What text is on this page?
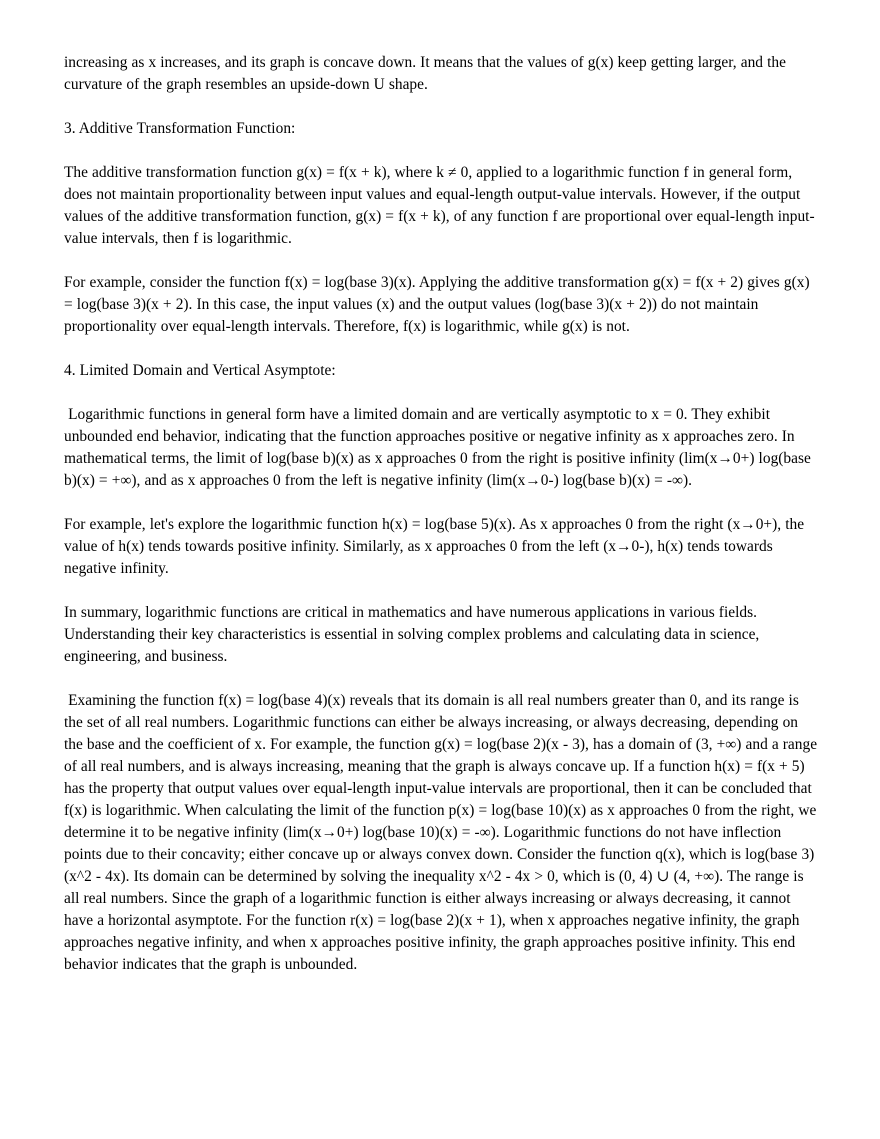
increasing as x increases, and its graph is concave down. It means that the values of g(x) keep getting larger, and the curvature of the graph resembles an upside-down U shape.

3. Additive Transformation Function:

The additive transformation function g(x) = f(x + k), where k ≠ 0, applied to a logarithmic function f in general form, does not maintain proportionality between input values and equal-length output-value intervals. However, if the output values of the additive transformation function, g(x) = f(x + k), of any function f are proportional over equal-length input-value intervals, then f is logarithmic.

For example, consider the function f(x) = log(base 3)(x). Applying the additive transformation g(x) = f(x + 2) gives g(x) = log(base 3)(x + 2). In this case, the input values (x) and the output values (log(base 3)(x + 2)) do not maintain proportionality over equal-length intervals. Therefore, f(x) is logarithmic, while g(x) is not.

4. Limited Domain and Vertical Asymptote:

Logarithmic functions in general form have a limited domain and are vertically asymptotic to x = 0. They exhibit unbounded end behavior, indicating that the function approaches positive or negative infinity as x approaches zero. In mathematical terms, the limit of log(base b)(x) as x approaches 0 from the right is positive infinity (lim(x→0+) log(base b)(x) = +∞), and as x approaches 0 from the left is negative infinity (lim(x→0-) log(base b)(x) = -∞).

For example, let's explore the logarithmic function h(x) = log(base 5)(x). As x approaches 0 from the right (x→0+), the value of h(x) tends towards positive infinity. Similarly, as x approaches 0 from the left (x→0-), h(x) tends towards negative infinity.

In summary, logarithmic functions are critical in mathematics and have numerous applications in various fields. Understanding their key characteristics is essential in solving complex problems and calculating data in science, engineering, and business.

Examining the function f(x) = log(base 4)(x) reveals that its domain is all real numbers greater than 0, and its range is the set of all real numbers. Logarithmic functions can either be always increasing, or always decreasing, depending on the base and the coefficient of x. For example, the function g(x) = log(base 2)(x - 3), has a domain of (3, +∞) and a range of all real numbers, and is always increasing, meaning that the graph is always concave up. If a function h(x) = f(x + 5) has the property that output values over equal-length input-value intervals are proportional, then it can be concluded that f(x) is logarithmic. When calculating the limit of the function p(x) = log(base 10)(x) as x approaches 0 from the right, we determine it to be negative infinity (lim(x→0+) log(base 10)(x) = -∞). Logarithmic functions do not have inflection points due to their concavity; either concave up or always convex down. Consider the function q(x), which is log(base 3)(x^2 - 4x). Its domain can be determined by solving the inequality x^2 - 4x > 0, which is (0, 4) ∪ (4, +∞). The range is all real numbers. Since the graph of a logarithmic function is either always increasing or always decreasing, it cannot have a horizontal asymptote. For the function r(x) = log(base 2)(x + 1), when x approaches negative infinity, the graph approaches negative infinity, and when x approaches positive infinity, the graph approaches positive infinity. This end behavior indicates that the graph is unbounded.
